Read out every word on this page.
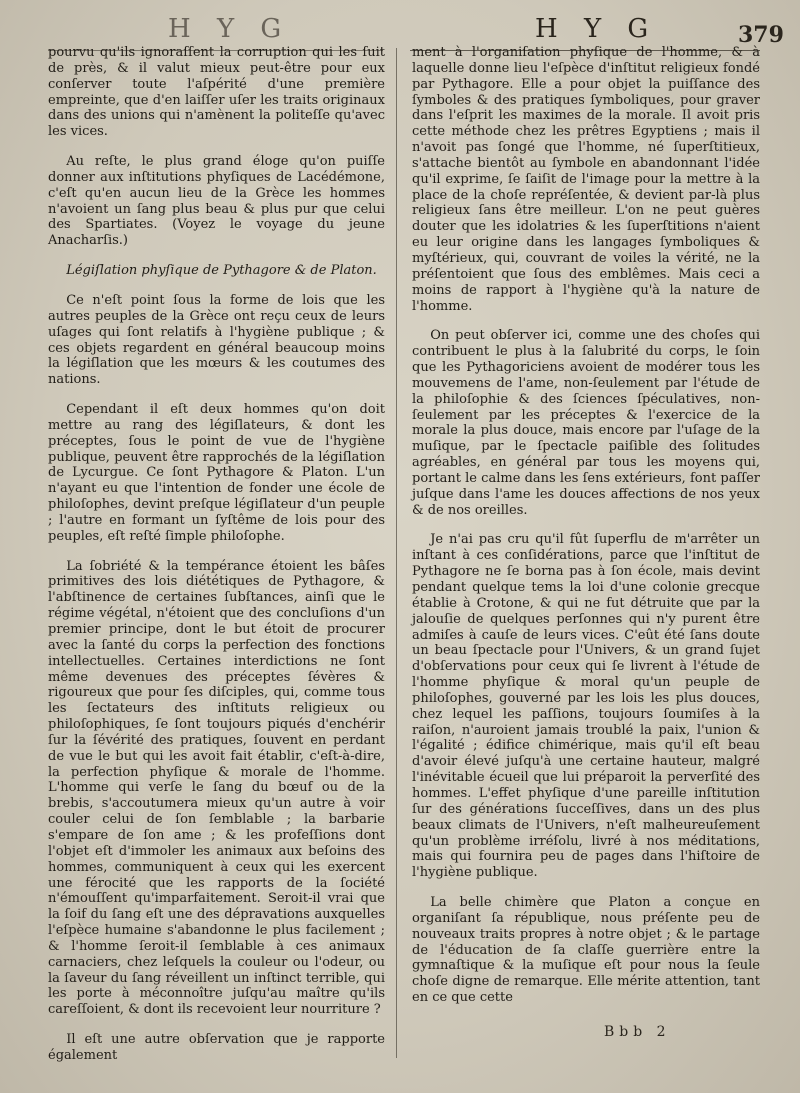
H Y G	H Y G	379

pourvu qu'ils ignoraſſent la corruption qui les ſuit de près, & il valut mieux peut-être pour eux conſerver toute l'aſpérité d'une première empreinte, que d'en laiſſer uſer les traits originaux dans des unions qui n'amènent la politeſſe qu'avec les vices.

Au reſte, le plus grand éloge qu'on puiſſe donner aux inſtitutions phyſiques de Lacédémone, c'eſt qu'en aucun lieu de la Grèce les hommes n'avoient un ſang plus beau & plus pur que celui des Spartiates. (Voyez le voyage du jeune Anacharſis.)

Légiſlation phyſique de Pythagore & de Platon.

Ce n'eſt point ſous la forme de lois que les autres peuples de la Grèce ont reçu ceux de leurs uſages qui ſont relatifs à l'hygiène publique ; & ces objets regardent en général beaucoup moins la légiſlation que les mœurs & les coutumes des nations.

Cependant il eſt deux hommes qu'on doit mettre au rang des légiſlateurs, & dont les préceptes, ſous le point de vue de l'hygiène publique, peuvent être rapprochés de la légiſlation de Lycurgue. Ce ſont Pythagore & Platon. L'un n'ayant eu que l'intention de fonder une école de philoſophes, devint preſque légiſlateur d'un peuple ; l'autre en formant un ſyſtême de lois pour des peuples, eſt reſté ſimple philoſophe.

La ſobriété & la tempérance étoient les bâſes primitives des lois diététiques de Pythagore, & l'abſtinence de certaines ſubſtances, ainſi que le régime végétal, n'étoient que des concluſions d'un premier principe, dont le but étoit de procurer avec la ſanté du corps la perfection des fonctions intellectuelles. Certaines interdictions ne ſont même devenues des préceptes ſévères & rigoureux que pour ſes diſciples, qui, comme tous les ſectateurs des inſtituts religieux ou philoſophiques, ſe ſont toujours piqués d'enchérir ſur la ſévérité des pratiques, ſouvent en perdant de vue le but qui les avoit fait établir, c'eſt-à-dire, la perfection phyſique & morale de l'homme. L'homme qui verſe le ſang du bœuf ou de la brebis, s'accoutumera mieux qu'un autre à voir couler celui de ſon ſemblable ; la barbarie s'empare de ſon ame ; & les profeſſions dont l'objet eſt d'immoler les animaux aux beſoins des hommes, communiquent à ceux qui les exercent une férocité que les rapports de la ſociété n'émouſſent qu'imparfaitement. Seroit-il vrai que la ſoif du ſang eſt une des dépravations auxquelles l'eſpèce humaine s'abandonne le plus facilement ; & l'homme ſeroit-il ſemblable à ces animaux carnaciers, chez leſquels la couleur ou l'odeur, ou la ſaveur du ſang réveillent un inſtinct terrible, qui les porte à méconnoître juſqu'au maître qu'ils careſſoient, & dont ils recevoient leur nourriture ?

Il eſt une autre obſervation que je rapporte également

ment à l'organiſation phyſique de l'homme, & à laquelle donne lieu l'eſpèce d'inſtitut religieux fondé par Pythagore. Elle a pour objet la puiſſance des ſymboles & des pratiques ſymboliques, pour graver dans l'eſprit les maximes de la morale. Il avoit pris cette méthode chez les prêtres Egyptiens ; mais il n'avoit pas ſongé que l'homme, né ſuperſtitieux, s'attache bientôt au ſymbole en abandonnant l'idée qu'il exprime, ſe ſaiſit de l'image pour la mettre à la place de la choſe repréſentée, & devient par-là plus religieux ſans être meilleur. L'on ne peut guères douter que les idolatries & les ſuperſtitions n'aient eu leur origine dans les langages ſymboliques & myſtérieux, qui, couvrant de voiles la vérité, ne la préſentoient que ſous des emblêmes. Mais ceci a moins de rapport à l'hygiène qu'à la nature de l'homme.

On peut obſerver ici, comme une des choſes qui contribuent le plus à la ſalubrité du corps, le ſoin que les Pythagoriciens avoient de modérer tous les mouvemens de l'ame, non-ſeulement par l'étude de la philoſophie & des ſciences ſpéculatives, non-ſeulement par les préceptes & l'exercice de la morale la plus douce, mais encore par l'uſage de la muſique, par le ſpectacle paiſible des ſolitudes agréables, en général par tous les moyens qui, portant le calme dans les ſens extérieurs, font paſſer juſque dans l'ame les douces affections de nos yeux & de nos oreilles.

Je n'ai pas cru qu'il fût ſuperflu de m'arrêter un inſtant à ces conſidérations, parce que l'inſtitut de Pythagore ne ſe borna pas à ſon école, mais devint pendant quelque tems la loi d'une colonie grecque établie à Crotone, & qui ne fut détruite que par la jalouſie de quelques perſonnes qui n'y purent être admiſes à cauſe de leurs vices. C'eût été ſans doute un beau ſpectacle pour l'Univers, & un grand ſujet d'obſervations pour ceux qui ſe livrent à l'étude de l'homme phyſique & moral qu'un peuple de philoſophes, gouverné par les lois les plus douces, chez lequel les paſſions, toujours ſoumiſes à la raiſon, n'auroient jamais troublé la paix, l'union & l'égalité ; édifice chimérique, mais qu'il eſt beau d'avoir élevé juſqu'à une certaine hauteur, malgré l'inévitable écueil que lui préparoit la perverſité des hommes. L'effet phyſique d'une pareille inſtitution ſur des générations ſucceſſives, dans un des plus beaux climats de l'Univers, n'eſt malheureuſement qu'un problème irréſolu, livré à nos méditations, mais qui fournira peu de pages dans l'hiſtoire de l'hygiène publique.

La belle chimère que Platon a conçue en organiſant ſa république, nous préſente peu de nouveaux traits propres à notre objet ; & le partage de l'éducation de ſa claſſe guerrière entre la gymnaſtique & la muſique eſt pour nous la ſeule choſe digne de remarque. Elle mérite attention, tant en ce que cette

Bbb 2
